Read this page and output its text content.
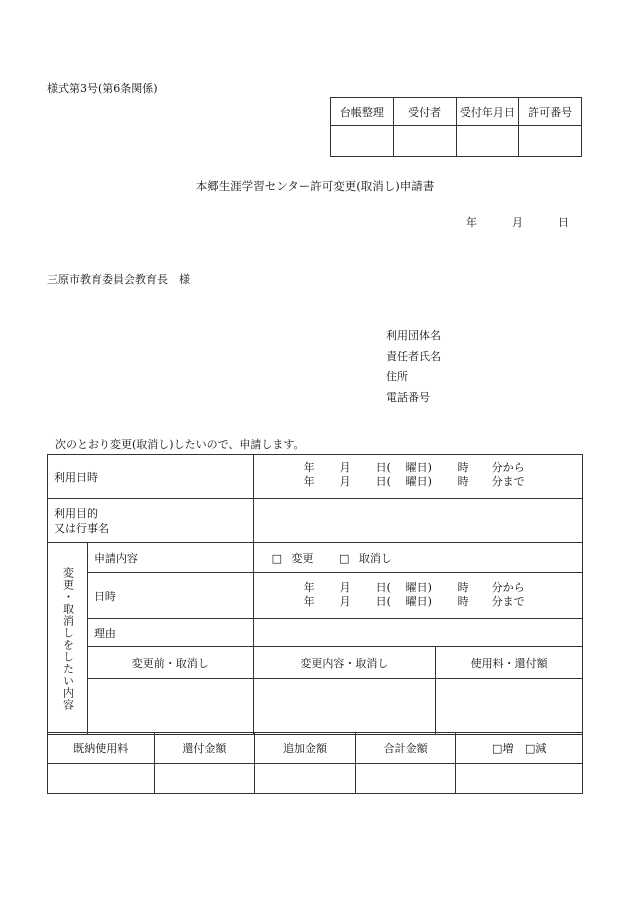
様式第3号(第6条関係)
台帳整理	受付者	受付年月日	許可番号

本郷生涯学習センター許可変更(取消し)申請書
年	月	日
三原市教育委員会教育長　様
利用団体名
責任者氏名
住所
電話番号
次のとおり変更(取消し)したいので、申請します。
利用日時		年 月 日( 曜日) 時 分から
年 月 日( 曜日) 時 分まで	

利用目的
又は行事名			

変更・取消しをしたい内容	申請内容	□ 変更 □ 取消し	
	日時	年 月 日( 曜日) 時 分から
年 月 日( 曜日) 時 分まで	

	理由		
	変更前・取消し	変更内容・取消し	使用料・還付額

既納使用料	還付金額	追加金額	合計金額	□増 □減
